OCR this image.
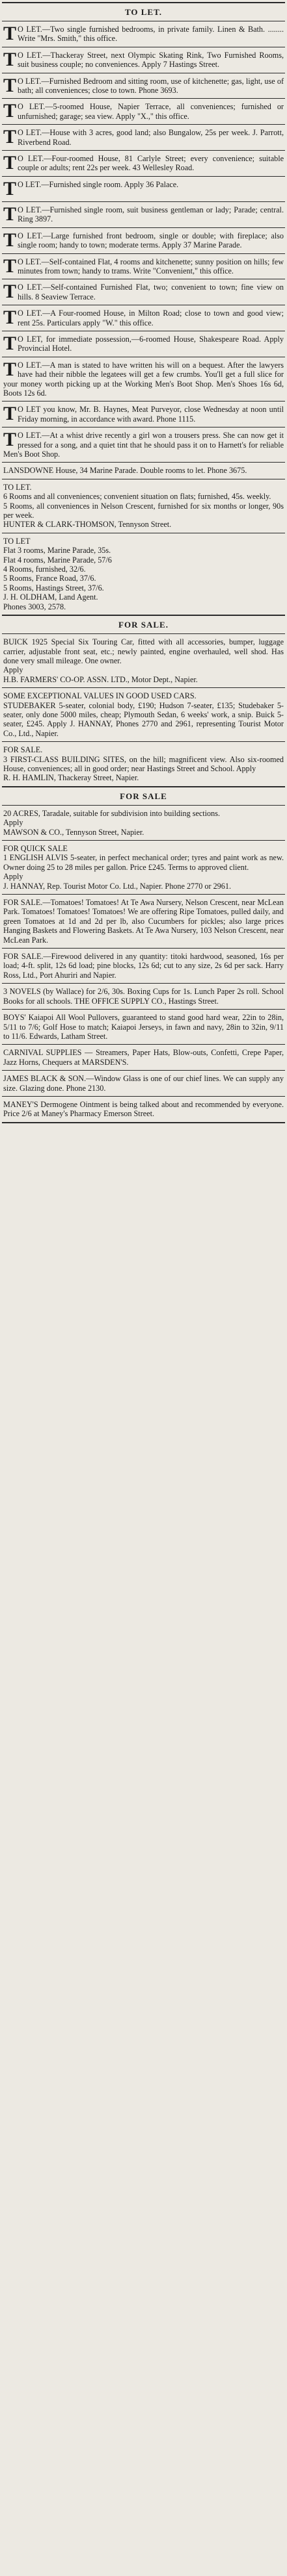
TO LET.
T O LET.—Two single furnished bedrooms, in private family. Linen & Bath. ........ Write "Mrs. Smith," this office.
T O LET.—Thackeray Street, next Olympic Skating Rink, Two Furnished Rooms, suit business couple; no conveniences. Apply 7 Hastings Street.
T O LET.—Furnished Bedroom and sitting room, use of kitchenette; gas, light, use of bath; all conveniences; close to town. Phone 3693.
T O LET.—5-roomed House, Napier Terrace, all conveniences; furnished or unfurnished; garage; sea view. Apply "X.," this office.
T O LET.—House with 3 acres, good land; also Bungalow, 25s per week. J. Parrott, Riverbend Road.
T O LET.—Four-roomed House, 81 Carlyle Street; every convenience; suitable couple or adults; rent 22s per week. 43 Wellesley Road.
T O LET.—Furnished single room. Apply 36 Palace.
T O LET.—Furnished single room, suit business gentleman or lady; Parade; central. Ring 3897.
T O LET.—Large furnished front bedroom, single or double; with fireplace; also single room; handy to town; moderate terms. Apply 37 Marine Parade.
T O LET.—Self-contained Flat, 4 rooms and kitchenette; sunny position on hills; few minutes from town; handy to trams. Write "Convenient," this office.
T O LET.—Self-contained Furnished Flat, two; convenient to town; fine view on hills. 8 Seaview Terrace.
T O LET.—A Four-roomed House, in Milton Road; close to town and good view; rent 25s. Particulars apply "W." this office.
T O LET, for immediate possession,—6-roomed House, Shakespeare Road. Apply Provincial Hotel.
T O LET.—A man is stated to have written his will on a bequest. After the lawyers have had their nibble the legatees will get a few crumbs. You'll get a full slice for your money worth picking up at the Working Men's Boot Shop. Men's Shoes 16s 6d, Boots 12s 6d.
T O LET you know, Mr. B. Haynes, Meat Purveyor, close Wednesday at noon until Friday morning, in accordance with award. Phone 1115.
T O LET.—At a whist drive recently a girl won a trousers press. She can now get it pressed for a song, and a quiet tint that he should pass it on to Harnett's for reliable Men's Boot Shop.
LANSDOWNE House, 34 Marine Parade. Double rooms to let. Phone 3675.
TO LET.
6 Rooms and all conveniences; convenient situation on flats; furnished, 45s. weekly.
5 Rooms, all conveniences in Nelson Crescent, furnished for six months or longer, 90s per week.
HUNTER & CLARK-THOMSON, Tennyson Street.
TO LET
Flat 3 rooms, Marine Parade, 35s.
Flat 4 rooms, Marine Parade, 57/6
4 Rooms, furnished, 32/6.
5 Rooms, France Road, 37/6.
5 Rooms, Hastings Street, 37/6.
J. H. OLDHAM, Land Agent.
Phones 3003, 2578.
FOR SALE.
BUICK 1925 Special Six Touring Car, fitted with all accessories, bumper, luggage carrier, adjustable front seat, etc.; newly painted, engine overhauled, well shod. Has done very small mileage. One owner.
Apply
H.B. FARMERS' CO-OP. ASSN. LTD., Motor Dept., Napier.
SOME EXCEPTIONAL VALUES IN GOOD USED CARS.
STUDEBAKER 5-seater, colonial body, £190; Hudson 7-seater, £135; Studebaker 5-seater, only done 5000 miles, cheap; Plymouth Sedan, 6 weeks' work, a snip. Buick 5-seater, £245. Apply J. HANNAY, Phones 2770 and 2961, representing Tourist Motor Co., Ltd., Napier.
FOR SALE.
3 FIRST-CLASS BUILDING SITES, on the hill; magnificent view. Also six-roomed House, conveniences; all in good order; near Hastings Street and School. Apply
R. H. HAMLIN, Thackeray Street, Napier.
FOR SALE
20 ACRES, Taradale, suitable for subdivision into building sections.
Apply
MAWSON & CO., Tennyson Street, Napier.
FOR QUICK SALE
1 ENGLISH ALVIS 5-seater, in perfect mechanical order; tyres and paint work as new. Owner doing 25 to 28 miles per gallon. Price £245. Terms to approved client.
Apply
J. HANNAY, Rep. Tourist Motor Co. Ltd., Napier. Phone 2770 or 2961.
FOR SALE.—Tomatoes! Tomatoes! At Te Awa Nursery, Nelson Crescent, near McLean Park. Tomatoes! Tomatoes! Tomatoes! We are offering Ripe Tomatoes, pulled daily, and green Tomatoes at 1d and 2d per lb, also Cucumbers for pickles; also large prices Hanging Baskets and Flowering Baskets. At Te Awa Nursery, 103 Nelson Crescent, near McLean Park.
FOR SALE.—Firewood delivered in any quantity: titoki hardwood, seasoned, 16s per load; 4-ft. split, 12s 6d load; pine blocks, 12s 6d; cut to any size, 2s 6d per sack. Harry Ross, Ltd., Port Ahuriri and Napier.
3 NOVELS (by Wallace) for 2/6, 30s. Boxing Cups for 1s. Lunch Paper 2s roll. School Books for all schools. THE OFFICE SUPPLY CO., Hastings Street.
BOYS' Kaiapoi All Wool Pullovers, guaranteed to stand good hard wear, 22in to 28in, 5/11 to 7/6; Golf Hose to match; Kaiapoi Jerseys, in fawn and navy, 28in to 32in, 9/11 to 11/6. Edwards, Latham Street.
CARNIVAL SUPPLIES — Streamers, Paper Hats, Blow-outs, Confetti, Crepe Paper, Jazz Horns, Chequers at MARSDEN'S.
JAMES BLACK & SON.—Window Glass is one of our chief lines. We can supply any size. Glazing done. Phone 2130.
MANEY'S Dermogene Ointment is being talked about and recommended by everyone. Price 2/6 at Maney's Pharmacy Emerson Street.
